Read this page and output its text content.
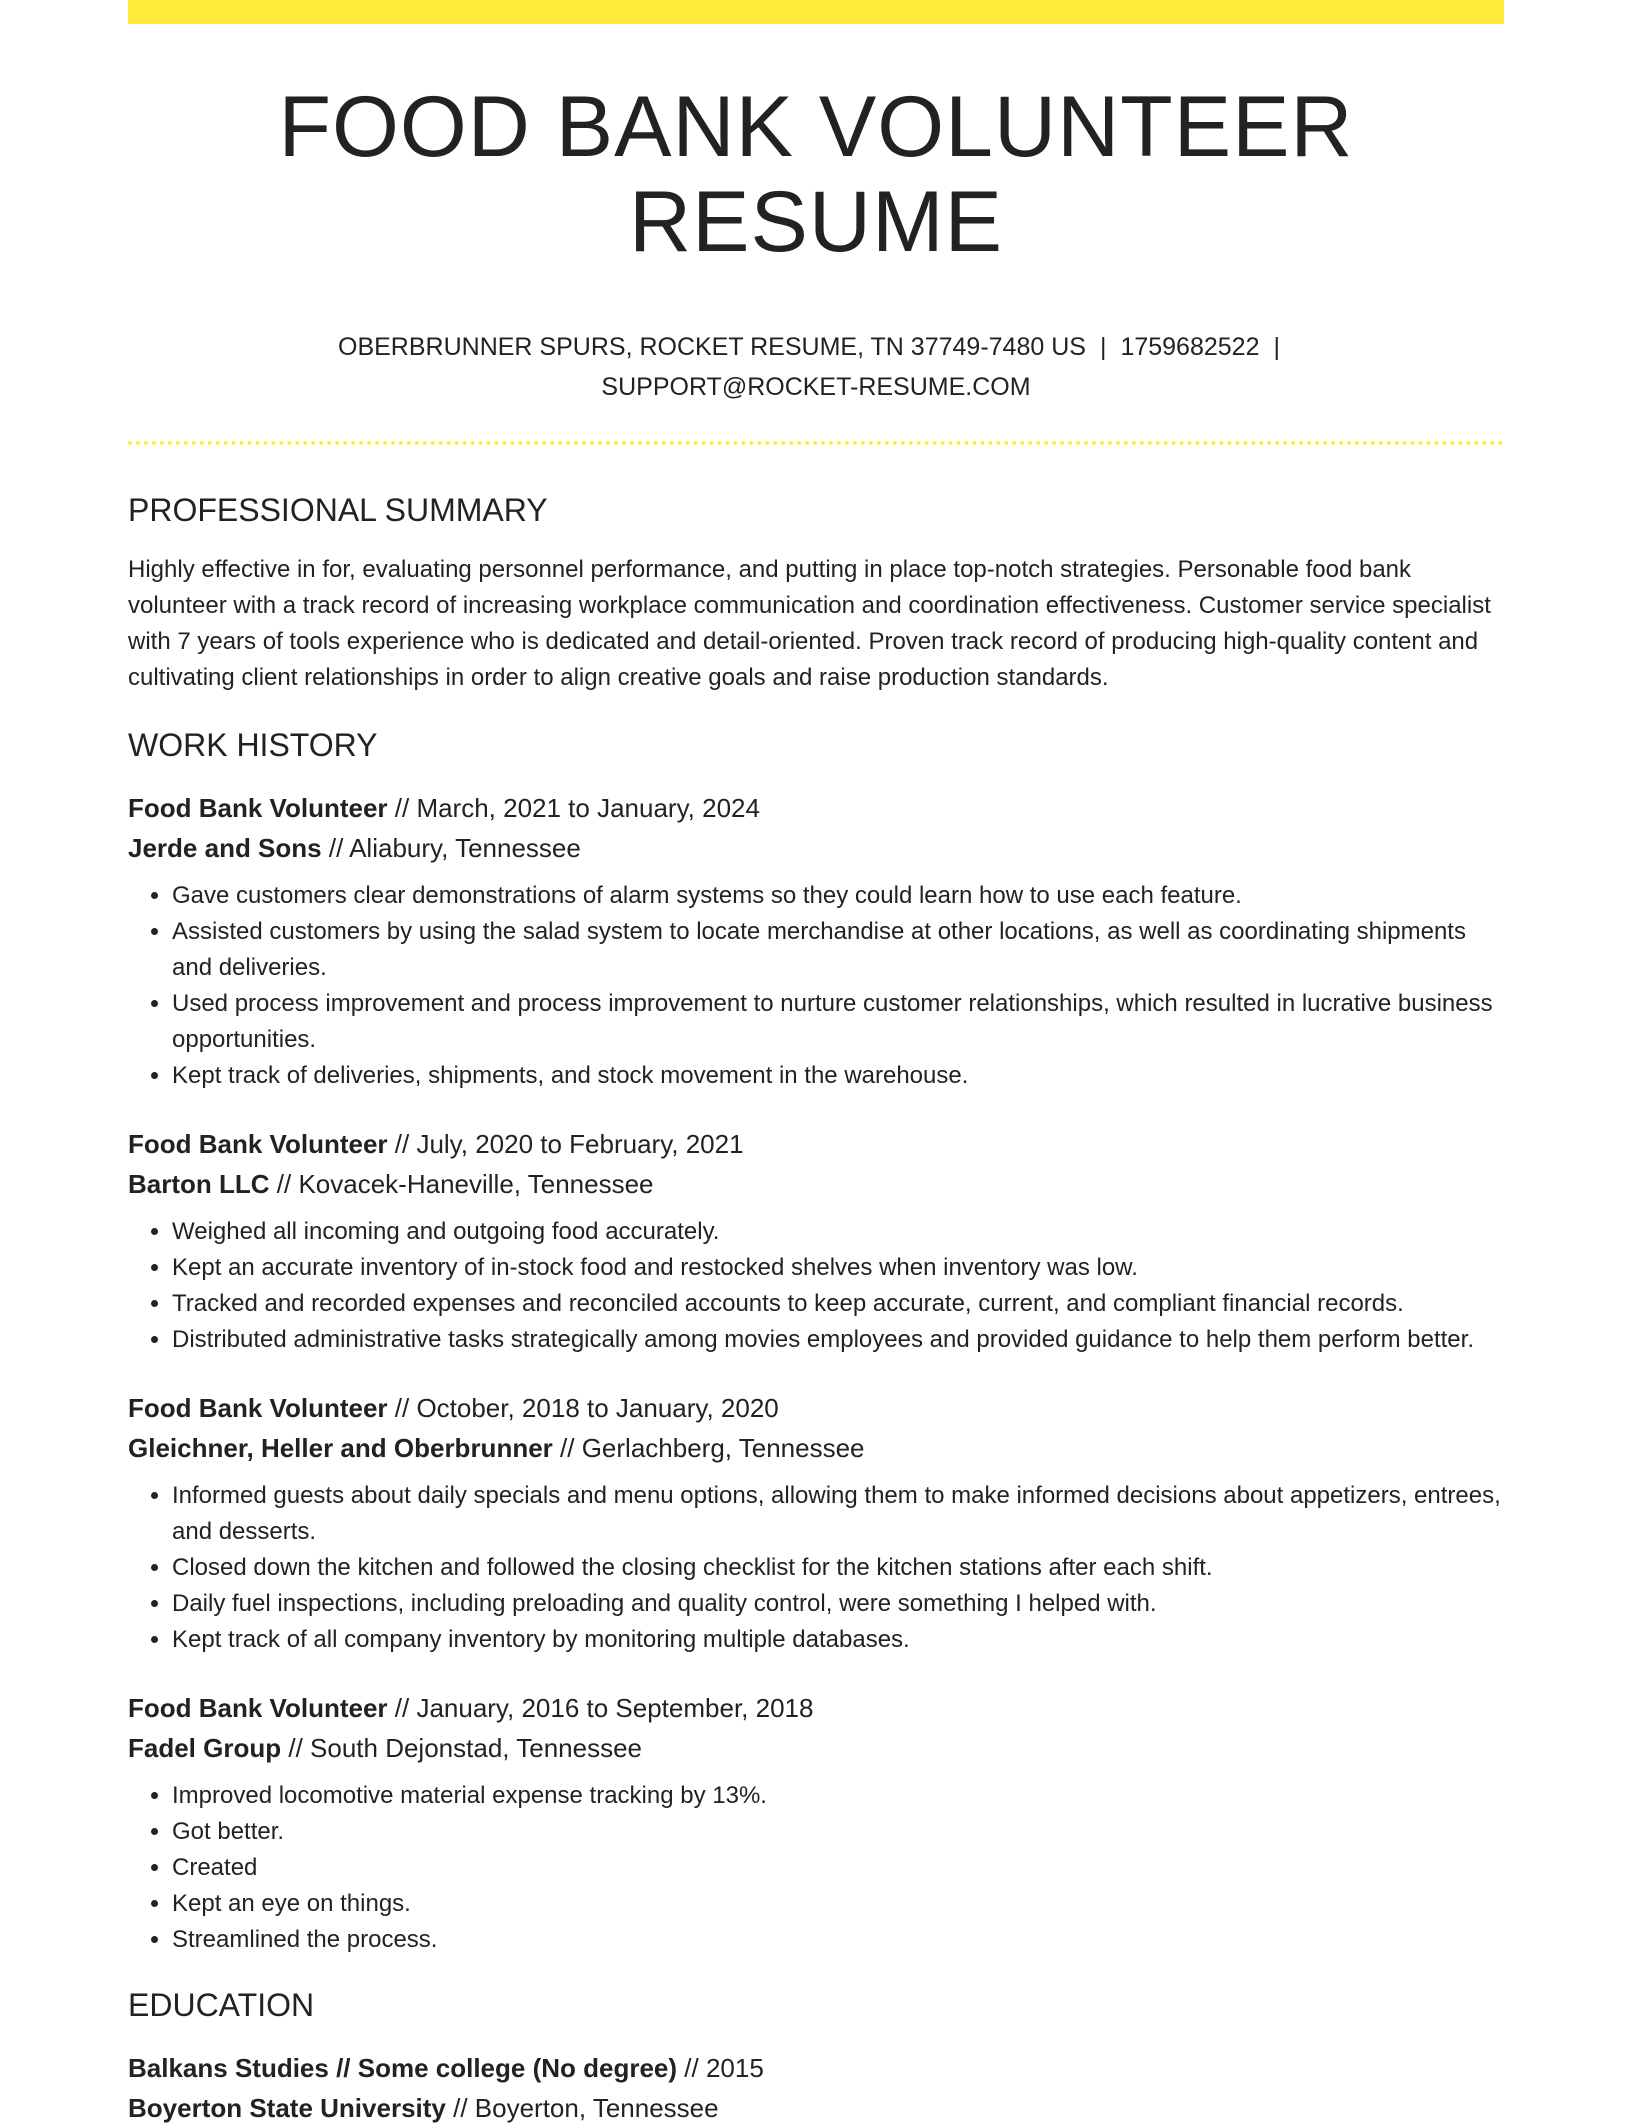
FOOD BANK VOLUNTEER RESUME
OBERBRUNNER SPURS, ROCKET RESUME, TN 37749-7480 US | 1759682522 |
SUPPORT@ROCKET-RESUME.COM
PROFESSIONAL SUMMARY

Highly effective in for, evaluating personnel performance, and putting in place top-notch strategies. Personable food bank volunteer with a track record of increasing workplace communication and coordination effectiveness. Customer service specialist with 7 years of tools experience who is dedicated and detail-oriented. Proven track record of producing high-quality content and cultivating client relationships in order to align creative goals and raise production standards.

WORK HISTORY
Food Bank Volunteer // March, 2021 to January, 2024
Jerde and Sons // Aliabury, Tennessee
• Gave customers clear demonstrations of alarm systems so they could learn how to use each feature.
• Assisted customers by using the salad system to locate merchandise at other locations, as well as coordinating shipments and deliveries.
• Used process improvement and process improvement to nurture customer relationships, which resulted in lucrative business opportunities.
• Kept track of deliveries, shipments, and stock movement in the warehouse.
Food Bank Volunteer // July, 2020 to February, 2021
Barton LLC // Kovacek-Haneville, Tennessee
• Weighed all incoming and outgoing food accurately.
• Kept an accurate inventory of in-stock food and restocked shelves when inventory was low.
• Tracked and recorded expenses and reconciled accounts to keep accurate, current, and compliant financial records.
• Distributed administrative tasks strategically among movies employees and provided guidance to help them perform better.
Food Bank Volunteer // October, 2018 to January, 2020
Gleichner, Heller and Oberbrunner // Gerlachberg, Tennessee
• Informed guests about daily specials and menu options, allowing them to make informed decisions about appetizers, entrees, and desserts.
• Closed down the kitchen and followed the closing checklist for the kitchen stations after each shift.
• Daily fuel inspections, including preloading and quality control, were something I helped with.
• Kept track of all company inventory by monitoring multiple databases.
Food Bank Volunteer // January, 2016 to September, 2018
Fadel Group // South Dejonstad, Tennessee
• Improved locomotive material expense tracking by 13%.
• Got better.
• Created
• Kept an eye on things.
• Streamlined the process.
EDUCATION
Balkans Studies // Some college (No degree) // 2015
Boyerton State University // Boyerton, Tennessee
